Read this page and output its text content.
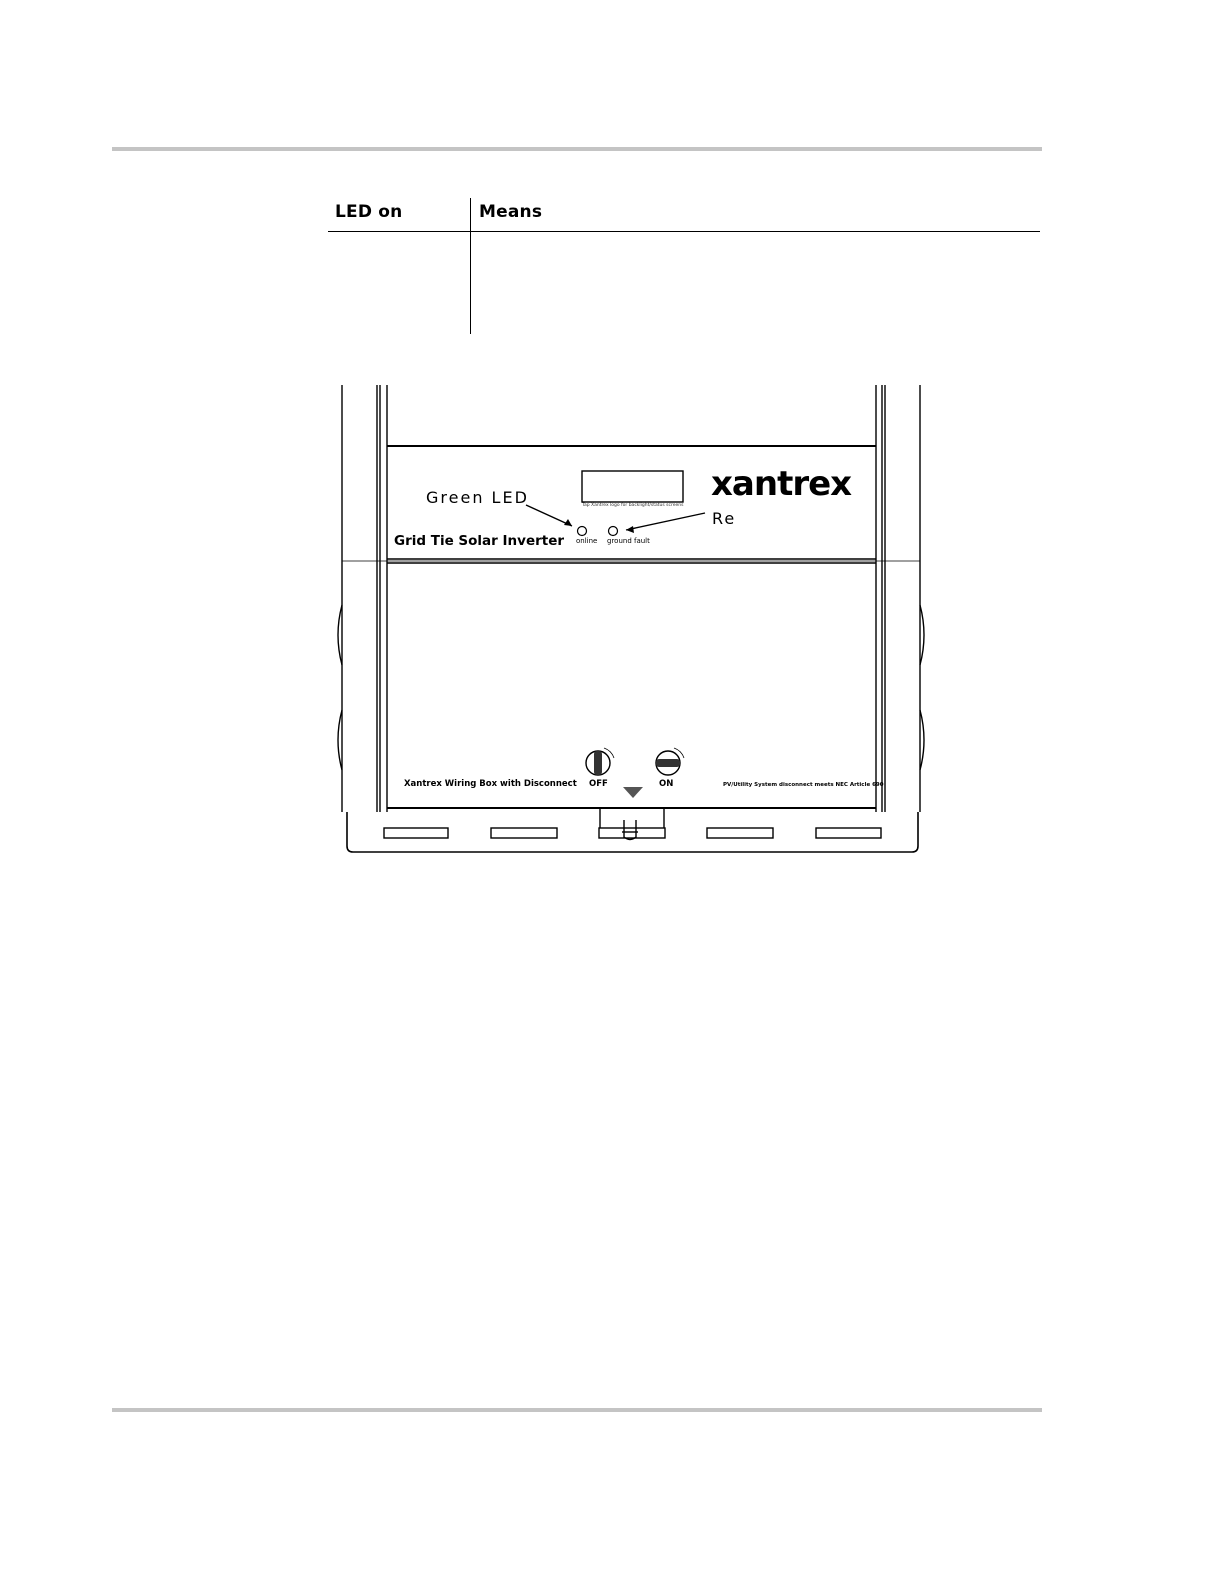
LED on	Means
Green LED
Re
xantrex
Tap Xantrex logo for backlight/status screens
Grid Tie Solar Inverter online ground fault
Xantrex Wiring Box with Disconnect OFF	ON	PV/Utility System disconnect meets NEC Article 690
